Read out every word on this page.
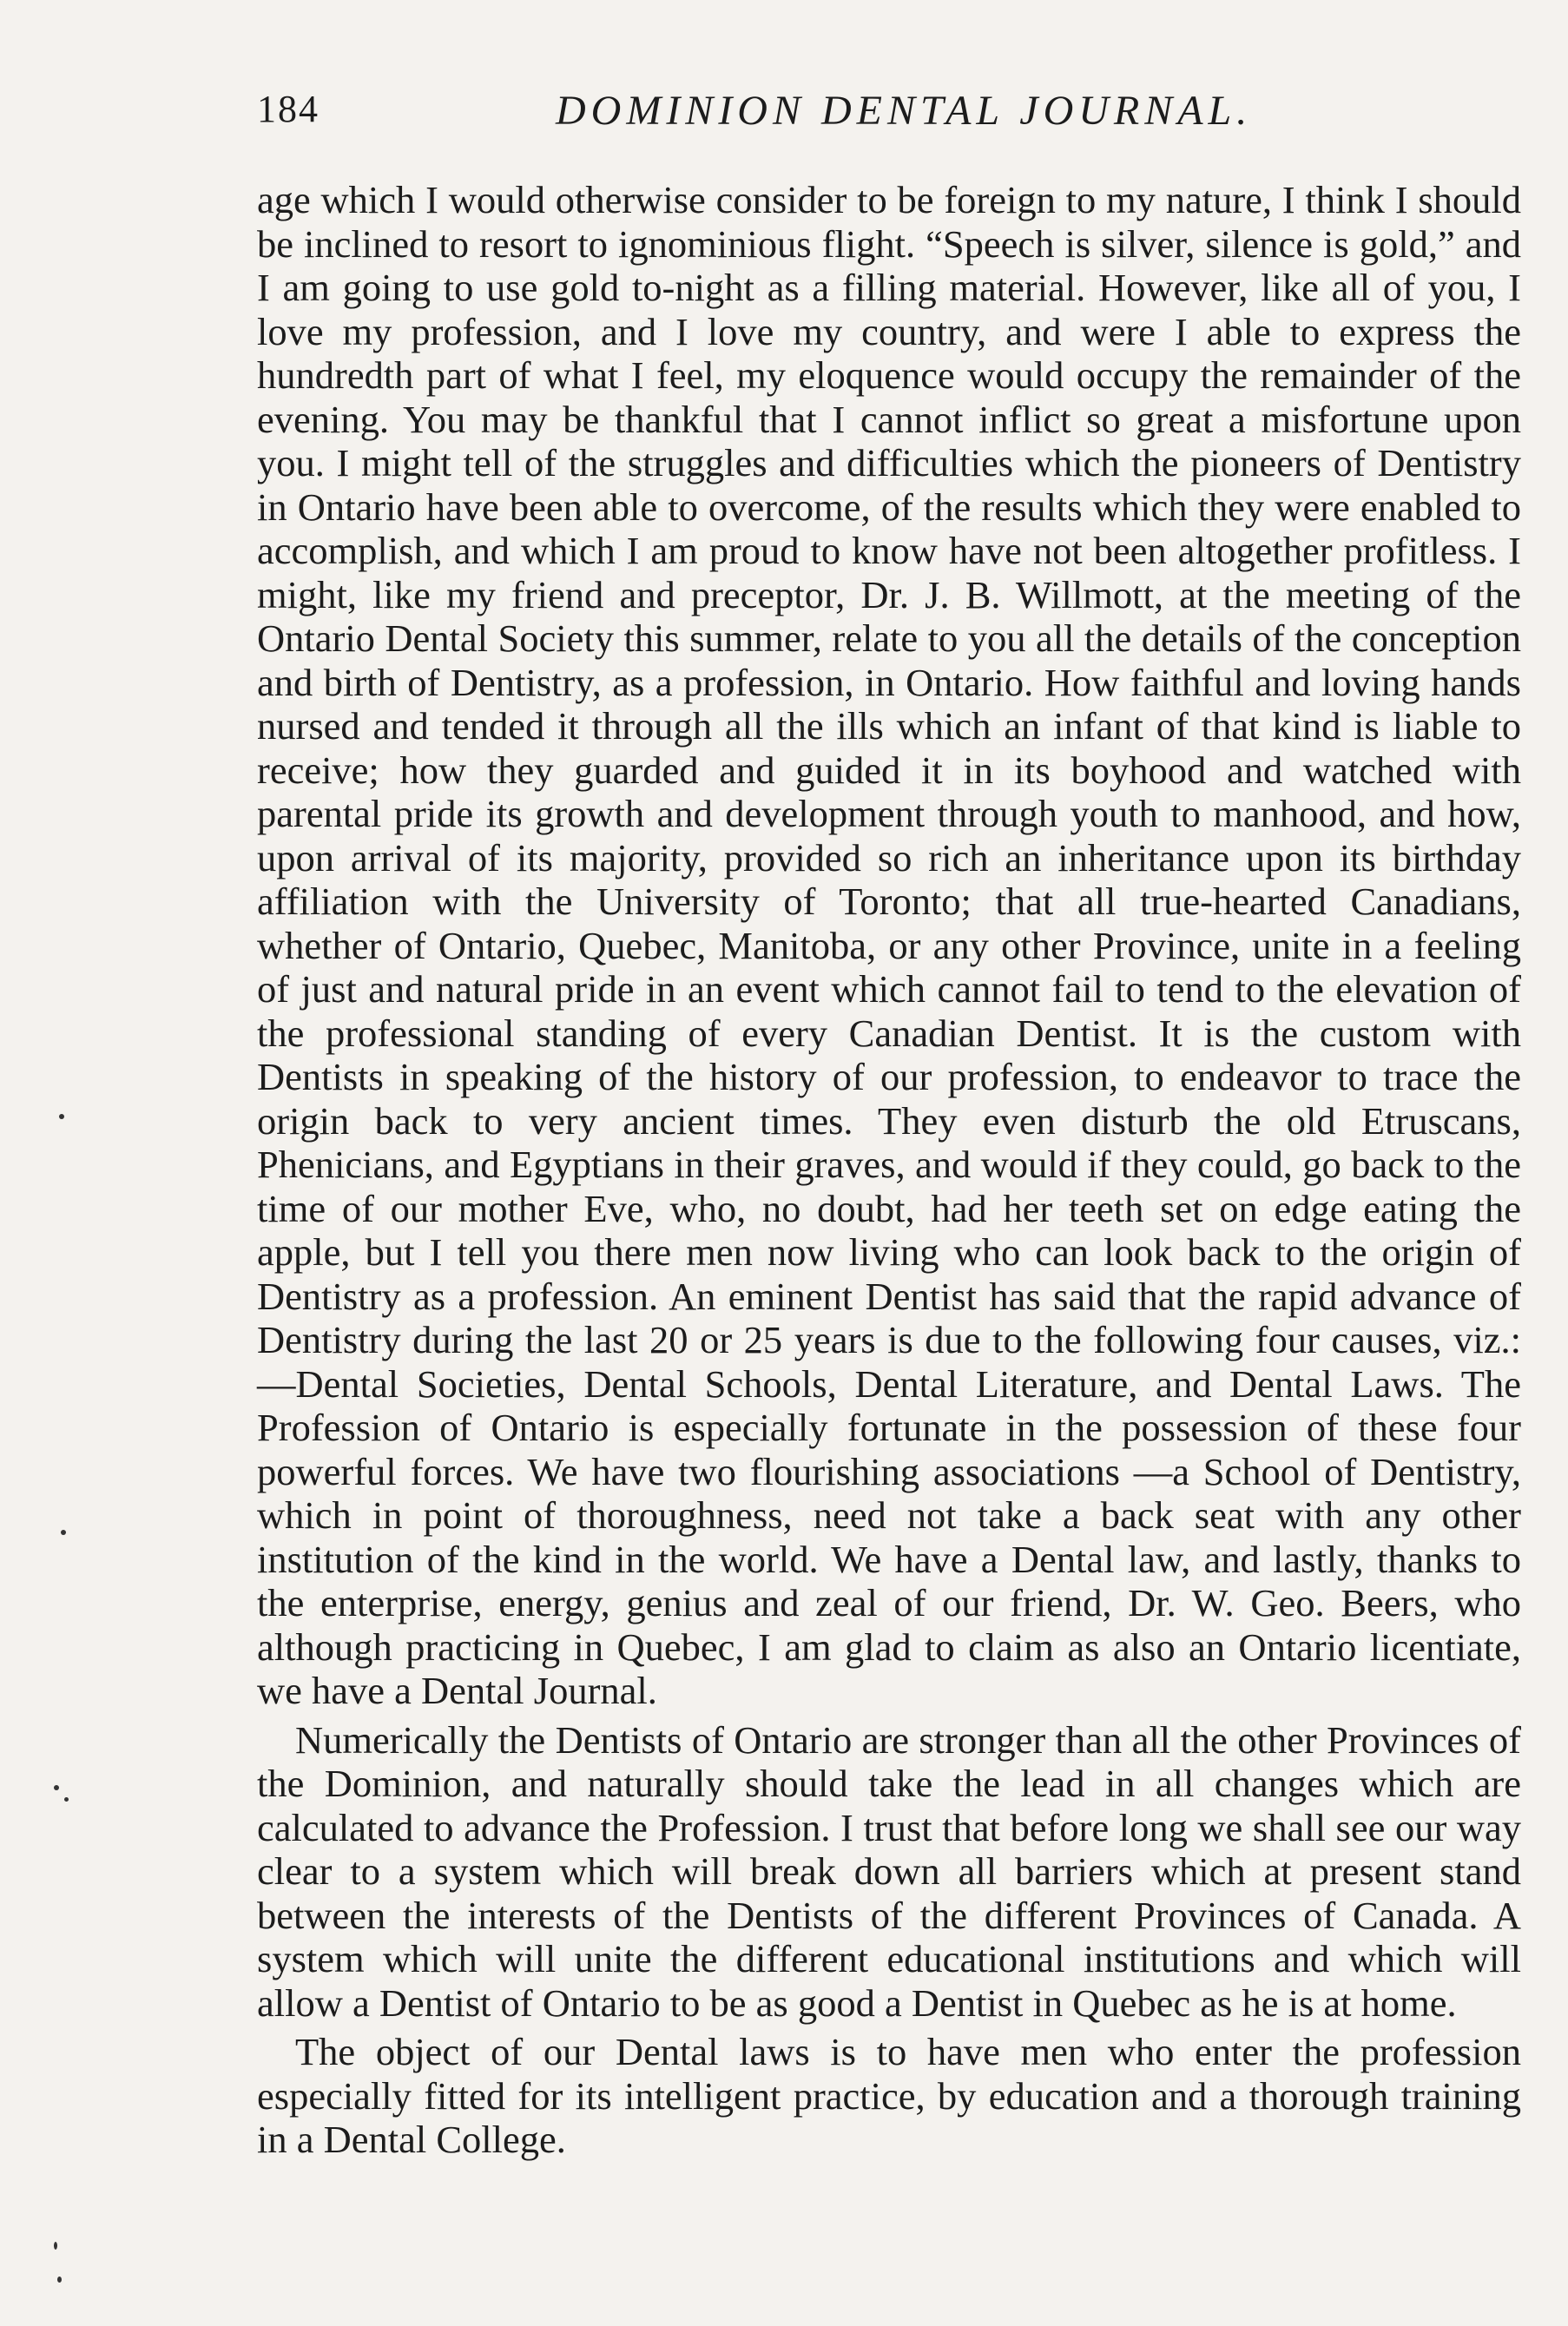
184	DOMINION DENTAL JOURNAL.

age which I would otherwise consider to be foreign to my nature, I think I should be inclined to resort to ignominious flight. “Speech is silver, silence is gold,” and I am going to use gold to-night as a filling material. However, like all of you, I love my profession, and I love my country, and were I able to express the hundredth part of what I feel, my eloquence would occupy the remainder of the evening. You may be thankful that I cannot inflict so great a misfortune upon you. I might tell of the struggles and difficulties which the pioneers of Dentistry in Ontario have been able to overcome, of the results which they were enabled to accomplish, and which I am proud to know have not been altogether profitless. I might, like my friend and preceptor, Dr. J. B. Willmott, at the meeting of the Ontario Dental Society this summer, relate to you all the details of the conception and birth of Dentistry, as a profession, in Ontario. How faithful and loving hands nursed and tended it through all the ills which an infant of that kind is liable to receive; how they guarded and guided it in its boyhood and watched with parental pride its growth and development through youth to manhood, and how, upon arrival of its majority, provided so rich an inheritance upon its birthday affiliation with the University of Toronto; that all true-hearted Canadians, whether of Ontario, Quebec, Manitoba, or any other Province, unite in a feeling of just and natural pride in an event which cannot fail to tend to the elevation of the professional standing of every Canadian Dentist. It is the custom with Dentists in speaking of the history of our profession, to endeavor to trace the origin back to very ancient times. They even disturb the old Etruscans, Phenicians, and Egyptians in their graves, and would if they could, go back to the time of our mother Eve, who, no doubt, had her teeth set on edge eating the apple, but I tell you there men now living who can look back to the origin of Dentistry as a profession. An eminent Dentist has said that the rapid advance of Dentistry during the last 20 or 25 years is due to the following four causes, viz.: —Dental Societies, Dental Schools, Dental Literature, and Dental Laws. The Profession of Ontario is especially fortunate in the possession of these four powerful forces. We have two flourishing associations —a School of Dentistry, which in point of thoroughness, need not take a back seat with any other institution of the kind in the world. We have a Dental law, and lastly, thanks to the enterprise, energy, genius and zeal of our friend, Dr. W. Geo. Beers, who although practicing in Quebec, I am glad to claim as also an Ontario licentiate, we have a Dental Journal.

Numerically the Dentists of Ontario are stronger than all the other Provinces of the Dominion, and naturally should take the lead in all changes which are calculated to advance the Profession. I trust that before long we shall see our way clear to a system which will break down all barriers which at present stand between the interests of the Dentists of the different Provinces of Canada. A system which will unite the different educational institutions and which will allow a Dentist of Ontario to be as good a Dentist in Quebec as he is at home.

The object of our Dental laws is to have men who enter the profession especially fitted for its intelligent practice, by education and a thorough training in a Dental College.
